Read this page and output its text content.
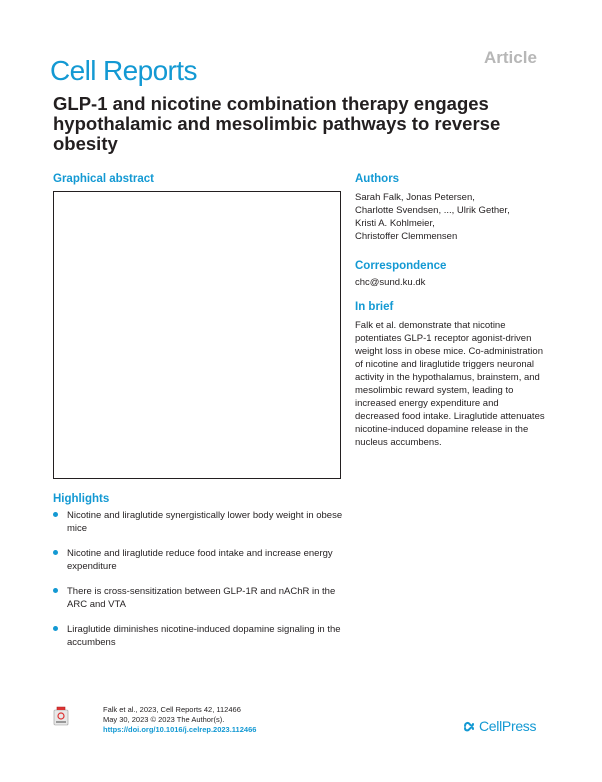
Article
Cell Reports
GLP-1 and nicotine combination therapy engages hypothalamic and mesolimbic pathways to reverse obesity
Graphical abstract	Authors
Sarah Falk, Jonas Petersen,
Charlotte Svendsen, ..., Ulrik Gether,
Kristi A. Kohlmeier,
Christoffer Clemmensen
Correspondence
chc@sund.ku.dk
In brief
Falk et al. demonstrate that nicotine potentiates GLP-1 receptor agonist-driven weight loss in obese mice. Co-administration of nicotine and liraglutide triggers neuronal activity in the hypothalamus, brainstem, and mesolimbic reward system, leading to increased energy expenditure and decreased food intake. Liraglutide attenuates nicotine-induced dopamine release in the nucleus accumbens.
Highlights
Nicotine and liraglutide synergistically lower body weight in obese mice
Nicotine and liraglutide reduce food intake and increase energy expenditure
There is cross-sensitization between GLP-1R and nAChR in the ARC and VTA
Liraglutide diminishes nicotine-induced dopamine signaling in the accumbens
Falk et al., 2023, Cell Reports 42, 112466
May 30, 2023 © 2023 The Author(s).
https://doi.org/10.1016/j.celrep.2023.112466	CellPress
